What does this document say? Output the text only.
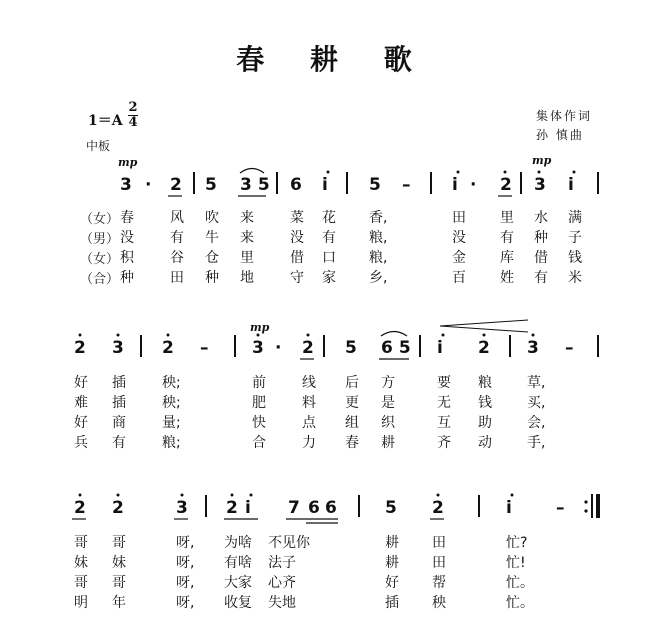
春 耕 歌
1＝A
2
4
中板
集体作词
孙 慎曲
mp	mp
3 · 2 5 35 6 i 5 – i · 2 3 i
（女）
（男）
（女）
（合）
春	风 吹 来	菜 花 香,	田 里 水 满
没	有 牛 来	没 有 粮,	没 有 种 子
积	谷 仓 里	借 口 粮,	金 库 借 钱
种	田 种 地	守 家 乡,	百 姓 有 米
mp
2 3 2 –	3 · 2 5 65 i 2 3 –
好 插	秧;	前	线 后 方	要 粮	草,
难 插	秧;	肥	料 更 是	无 钱	买,
好 商	量;	快	点 组 织	互 助	会,
兵 有	粮;	合	力 春 耕	齐 动	手,
2 2	3 2 i 7 6 6	5 2	i	–
哥 哥	呀, 为啥 不见你	耕 田	忙?
妹 妹	呀, 有啥 法子	耕 田	忙!
哥 哥	呀, 大家 心齐	好 帮	忙。
明 年	呀, 收复 失地	插 秧	忙。
